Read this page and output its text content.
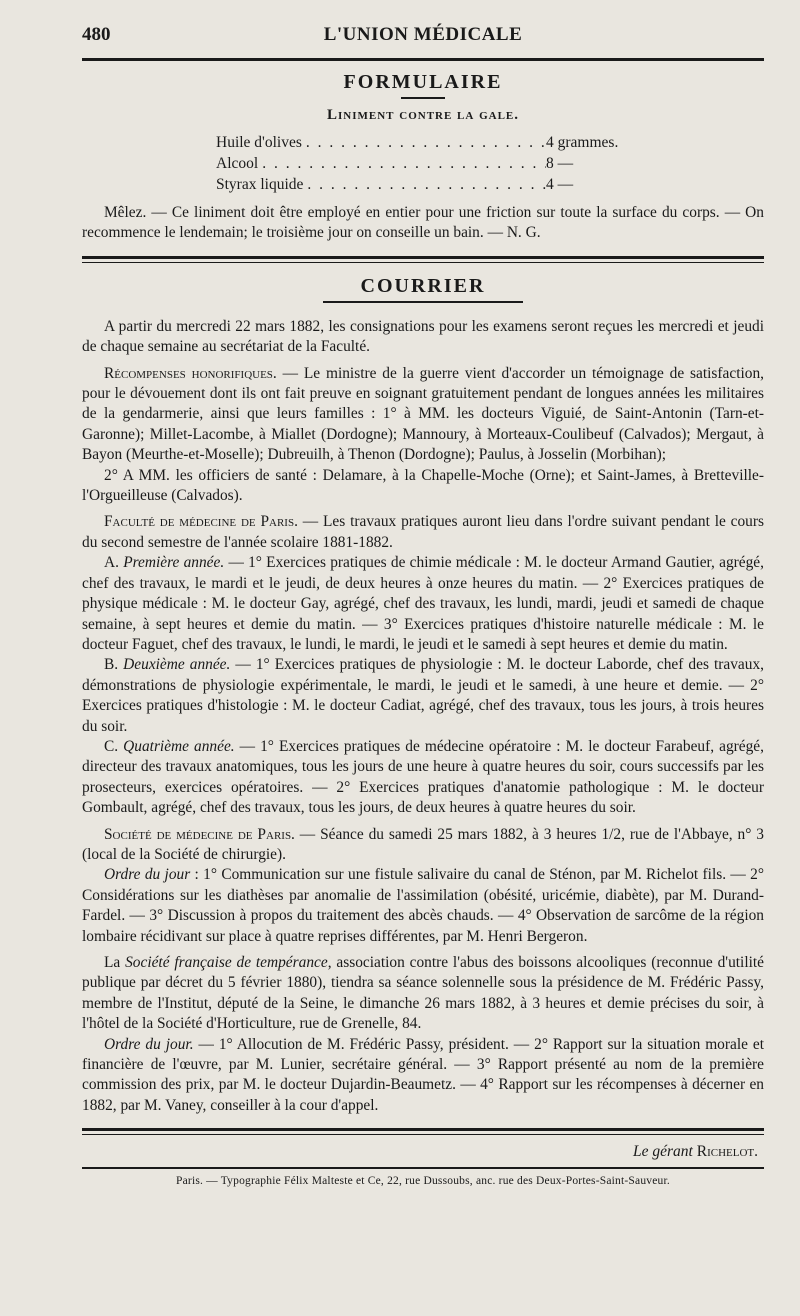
480	L'UNION MÉDICALE
FORMULAIRE
Liniment contre la gale.
Huile d'olives . . .	4 grammes.
Alcool . . .	8 —
Styrax liquide . . .	4 —

Mêlez. — Ce liniment doit être employé en entier pour une friction sur toute la surface du corps. — On recommence le lendemain; le troisième jour on conseille un bain. — N. G.

COURRIER

A partir du mercredi 22 mars 1882, les consignations pour les examens seront reçues les mercredi et jeudi de chaque semaine au secrétariat de la Faculté.

Récompenses honorifiques. — Le ministre de la guerre vient d'accorder un témoignage de satisfaction, pour le dévouement dont ils ont fait preuve en soignant gratuitement pendant de longues années les militaires de la gendarmerie, ainsi que leurs familles : 1° à MM. les docteurs Viguié, de Saint-Antonin (Tarn-et-Garonne); Millet-Lacombe, à Miallet (Dordogne); Mannoury, à Morteaux-Coulibeuf (Calvados); Mergaut, à Bayon (Meurthe-et-Moselle); Dubreuilh, à Thenon (Dordogne); Paulus, à Josselin (Morbihan);

2° A MM. les officiers de santé : Delamare, à la Chapelle-Moche (Orne); et Saint-James, à Bretteville-l'Orgueilleuse (Calvados).

Faculté de médecine de Paris. — Les travaux pratiques auront lieu dans l'ordre suivant pendant le cours du second semestre de l'année scolaire 1881-1882.

A. Première année. — 1° Exercices pratiques de chimie médicale : M. le docteur Armand Gautier, agrégé, chef des travaux, le mardi et le jeudi, de deux heures à onze heures du matin. — 2° Exercices pratiques de physique médicale : M. le docteur Gay, agrégé, chef des travaux, les lundi, mardi, jeudi et samedi de chaque semaine, à sept heures et demie du matin. — 3° Exercices pratiques d'histoire naturelle médicale : M. le docteur Faguet, chef des travaux, le lundi, le mardi, le jeudi et le samedi à sept heures et demie du matin.

B. Deuxième année. — 1° Exercices pratiques de physiologie : M. le docteur Laborde, chef des travaux, démonstrations de physiologie expérimentale, le mardi, le jeudi et le samedi, à une heure et demie. — 2° Exercices pratiques d'histologie : M. le docteur Cadiat, agrégé, chef des travaux, tous les jours, à trois heures du soir.

C. Quatrième année. — 1° Exercices pratiques de médecine opératoire : M. le docteur Farabeuf, agrégé, directeur des travaux anatomiques, tous les jours de une heure à quatre heures du soir, cours successifs par les prosecteurs, exercices opératoires. — 2° Exercices pratiques d'anatomie pathologique : M. le docteur Gombault, agrégé, chef des travaux, tous les jours, de deux heures à quatre heures du soir.

Société de médecine de Paris. — Séance du samedi 25 mars 1882, à 3 heures 1/2, rue de l'Abbaye, n° 3 (local de la Société de chirurgie).

Ordre du jour : 1° Communication sur une fistule salivaire du canal de Sténon, par M. Richelot fils. — 2° Considérations sur les diathèses par anomalie de l'assimilation (obésité, uricémie, diabète), par M. Durand-Fardel. — 3° Discussion à propos du traitement des abcès chauds. — 4° Observation de sarcôme de la région lombaire récidivant sur place à quatre reprises différentes, par M. Henri Bergeron.

La Société française de tempérance, association contre l'abus des boissons alcooliques (reconnue d'utilité publique par décret du 5 février 1880), tiendra sa séance solennelle sous la présidence de M. Frédéric Passy, membre de l'Institut, député de la Seine, le dimanche 26 mars 1882, à 3 heures et demie précises du soir, à l'hôtel de la Société d'Horticulture, rue de Grenelle, 84.

Ordre du jour. — 1° Allocution de M. Frédéric Passy, président. — 2° Rapport sur la situation morale et financière de l'œuvre, par M. Lunier, secrétaire général. — 3° Rapport présenté au nom de la première commission des prix, par M. le docteur Dujardin-Beaumetz. — 4° Rapport sur les récompenses à décerner en 1882, par M. Vaney, conseiller à la cour d'appel.

Le gérant Richelot.
Paris. — Typographie Félix Malteste et Ce, 22, rue Dussoubs, anc. rue des Deux-Portes-Saint-Sauveur.
